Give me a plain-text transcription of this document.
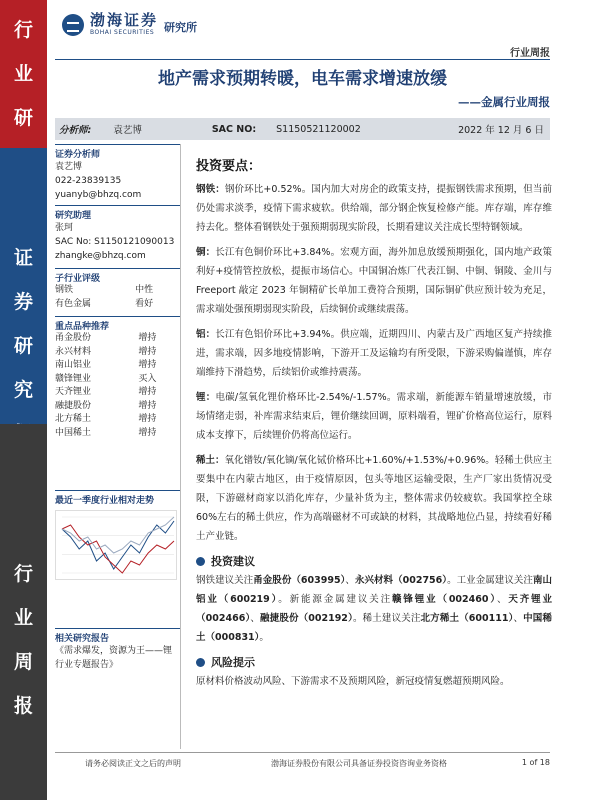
行
业
研
证
券
研
究
行
业
周
报
渤海证券
BOHAI SECURITIES 研究所
行业周报
地产需求预期转暖，电车需求增速放缓
——金属行业周报
分析师: 袁艺博	SAC NO: S1150521120002	2022 年 12 月 6 日
证券分析师
袁艺博
022-23839135
yuanyb@bhzq.com
研究助理
张珂
SAC No: S1150121090013
zhangke@bhzq.com
子行业评级
钢铁	中性
有色金属	看好
重点品种推荐
甬金股份	增持
永兴材料	增持
南山铝业	增持
赣锋锂业	买入
天齐锂业	增持
融捷股份	增持
北方稀土	增持
中国稀土	增持
最近一季度行业相对走势
相关研究报告
《需求爆发，资源为王——锂行业专题报告》
投资要点：
钢铁：钢价环比+0.52%。国内加大对房企的政策支持，提振钢铁需求预期，但当前仍处需求淡季，疫情下需求疲软。供给端，部分钢企恢复检修产能。库存端，库存维持去化。整体看钢铁处于强预期弱现实阶段，长期看建议关注成长型特钢领域。
铜：长江有色铜价环比+3.84%。宏观方面，海外加息放缓预期强化，国内地产政策利好+疫情管控放松，提振市场信心。中国铜冶炼厂代表江铜、中铜、铜陵、金川与 Freeport 敲定 2023 年铜精矿长单加工费符合预期，国际铜矿供应预计较为充足，需求端处强预期弱现实阶段，后续铜价或继续震荡。
铝：长江有色铝价环比+3.94%。供应端，近期四川、内蒙古及广西地区复产持续推进，需求端，因多地疫情影响，下游开工及运输均有所受限，下游采购偏谨慎，库存端维持下滑趋势，后续铝价或维持震荡。
锂：电碳/氢氧化锂价格环比-2.54%/-1.57%。需求端，新能源车销量增速放缓，市场情绪走弱，补库需求结束后，锂价继续回调，原料端看，锂矿价格高位运行，原料成本支撑下，后续锂价仍将高位运行。
稀土：氧化镨钕/氧化镝/氧化铽价格环比+1.60%/+1.53%/+0.96%。轻稀土供应主要集中在内蒙古地区，由于疫情原因，包头等地区运输受限，生产厂家出货情况受限，下游磁材商家以消化库存，少量补货为主，整体需求仍较疲软。我国掌控全球 60%左右的稀土供应，作为高端磁材不可或缺的材料，其战略地位凸显，持续看好稀土产业链。
投资建议
钢铁建议关注甬金股份（603995）、永兴材料（002756）。工业金属建议关注南山铝业（600219）。新能源金属建议关注赣锋锂业（002460）、天齐锂业（002466）、融捷股份（002192）。稀土建议关注北方稀土（600111）、中国稀土（000831）。
风险提示
原材料价格波动风险、下游需求不及预期风险，新冠疫情复燃超预期风险。
请务必阅读正文之后的声明	渤海证券股份有限公司具备证券投资咨询业务资格	1 of 18
